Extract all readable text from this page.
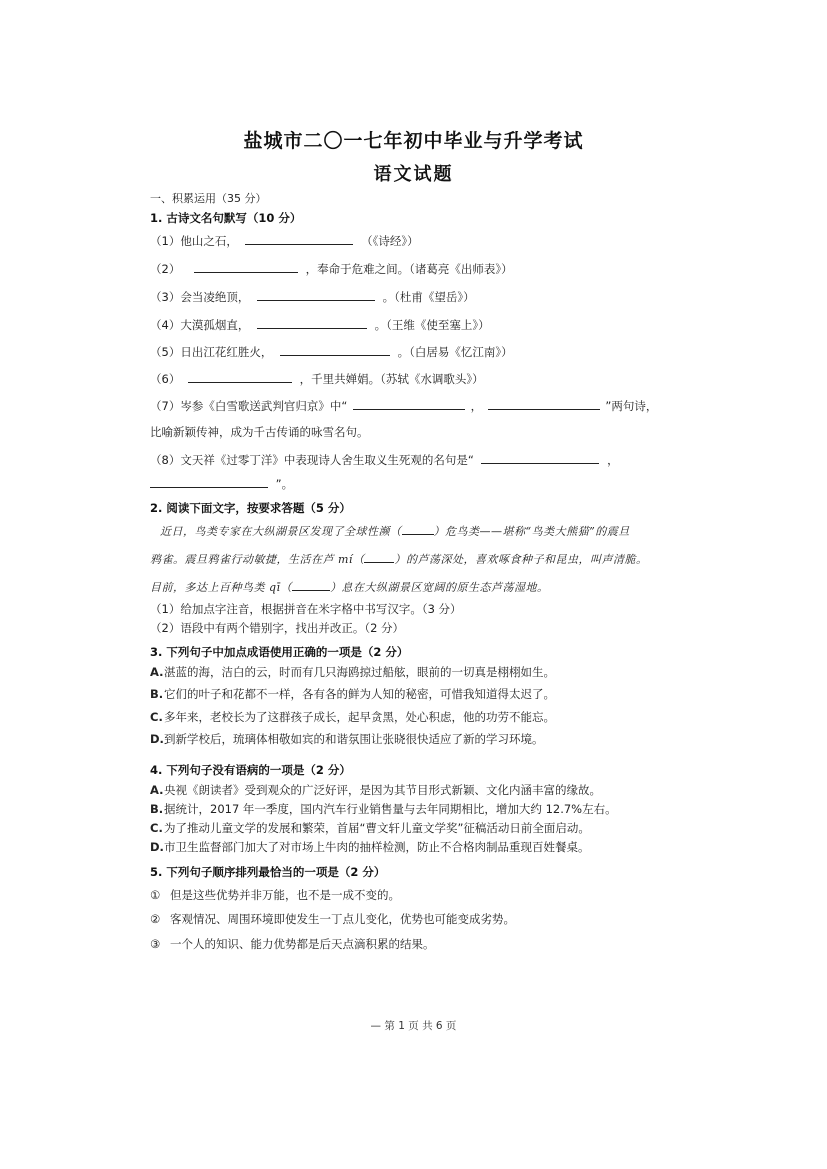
盐城市二〇一七年初中毕业与升学考试
语文试题
一、积累运用（35 分）
1. 古诗文名句默写（10 分）
（1）他山之石，	（《诗经》）
（2）	，奉命于危难之间。（诸葛亮《出师表》）
（3）会当凌绝顶，	。（杜甫《望岳》）
（4）大漠孤烟直，	。（王维《使至塞上》）
（5）日出江花红胜火，	。（白居易《忆江南》）
（6）	，千里共婵娟。（苏轼《水调歌头》）
（7）岑参《白雪歌送武判官归京》中“	，	”两句诗，
比喻新颖传神，成为千古传诵的咏雪名句。
（8）文天祥《过零丁洋》中表现诗人舍生取义生死观的名句是“	，
”。
2. 阅读下面文字，按要求答题（5 分）
近日，鸟类专家在大纵湖景区发现了全球性濒（	）危鸟类——堪称“鸟类大熊猫”的震旦
鸦雀。震旦鸦雀行动敏捷，生活在芦 mí（	）的芦荡深处，喜欢啄食种子和昆虫，叫声清脆。
目前，多达上百种鸟类 qī（	）息在大纵湖景区宽阔的原生态芦荡湿地。
（1）给加点字注音，根据拼音在米字格中书写汉字。（3 分）
（2）语段中有两个错别字，找出并改正。（2 分）
3. 下列句子中加点成语使用正确的一项是（2 分）
A.湛蓝的海，洁白的云，时而有几只海鸥掠过船舷，眼前的一切真是栩栩如生。
B.它们的叶子和花都不一样，各有各的鲜为人知的秘密，可惜我知道得太迟了。
C.多年来，老校长为了这群孩子成长，起早贪黑，处心积虑，他的功劳不能忘。
D.到新学校后，琉璃体相敬如宾的和谐氛围让张晓很快适应了新的学习环境。
4. 下列句子没有语病的一项是（2 分）
A.央视《朗读者》受到观众的广泛好评，是因为其节目形式新颖、文化内涵丰富的缘故。
B.据统计，2017 年一季度，国内汽车行业销售量与去年同期相比，增加大约 12.7%左右。
C.为了推动儿童文学的发展和繁荣，首届“曹文轩儿童文学奖”征稿活动日前全面启动。
D.市卫生监督部门加大了对市场上牛肉的抽样检测，防止不合格肉制品重现百姓餐桌。
5. 下列句子顺序排列最恰当的一项是（2 分）
① 但是这些优势并非万能，也不是一成不变的。
② 客观情况、周围环境即使发生一丁点儿变化，优势也可能变成劣势。
③ 一个人的知识、能力优势都是后天点滴积累的结果。
— 第 1 页 共 6 页
